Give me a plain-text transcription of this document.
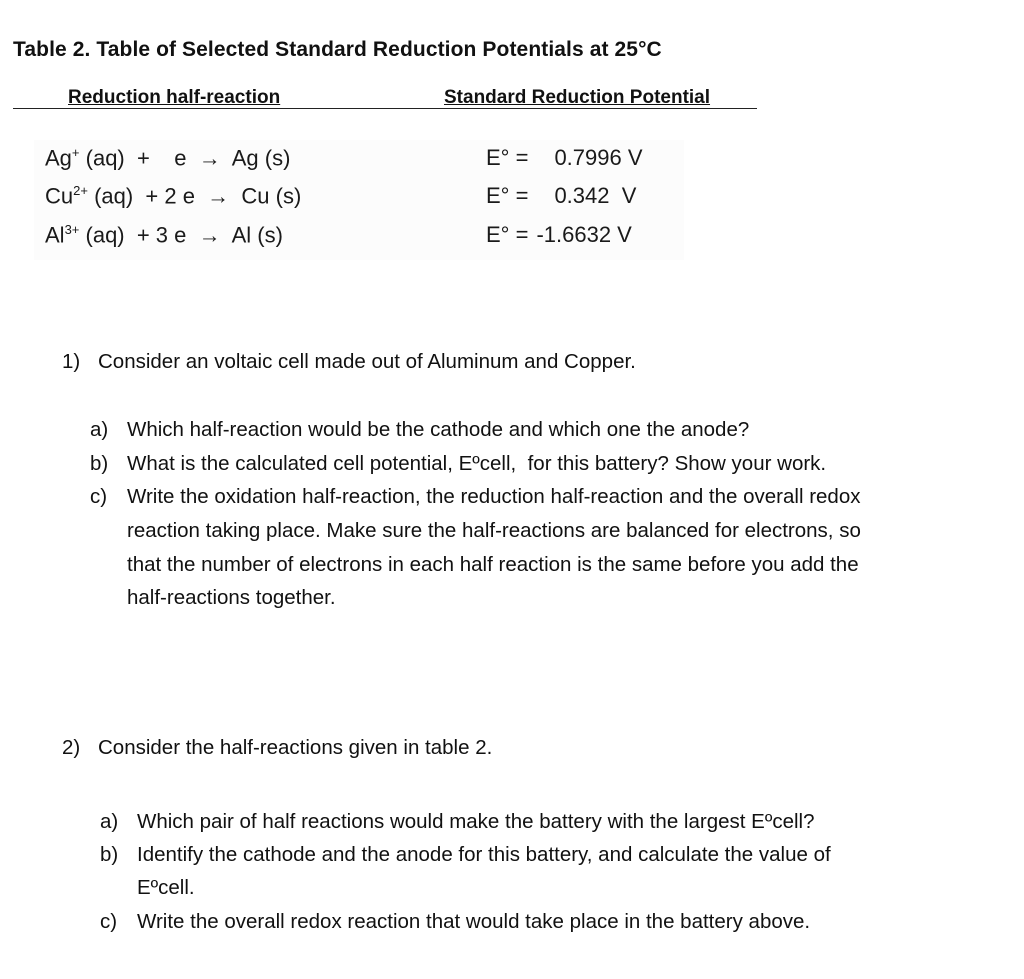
Table 2. Table of Selected Standard Reduction Potentials at 25°C
Reduction half-reaction	Standard Reduction Potential
Ag+ (aq)  +    e  →  Ag (s)	E° = 0.7996 V
$Cu^{2+}$ (aq)  + 2 e  →  Cu (s)	E° = 0.342  V
$Al^{3+}$ (aq)  + 3 e  →  Al (s)	E° = -1.6632 V
1) Consider an voltaic cell made out of Aluminum and Copper.
a) Which half-reaction would be the cathode and which one the anode?
b) What is the calculated cell potential, Eºcell,  for this battery? Show your work.
c) Write the oxidation half-reaction, the reduction half-reaction and the overall redox
reaction taking place. Make sure the half-reactions are balanced for electrons, so
that the number of electrons in each half reaction is the same before you add the
half-reactions together.
2) Consider the half-reactions given in table 2.
a) Which pair of half reactions would make the battery with the largest Eºcell?
b) Identify the cathode and the anode for this battery, and calculate the value of
Eºcell.
c) Write the overall redox reaction that would take place in the battery above.
